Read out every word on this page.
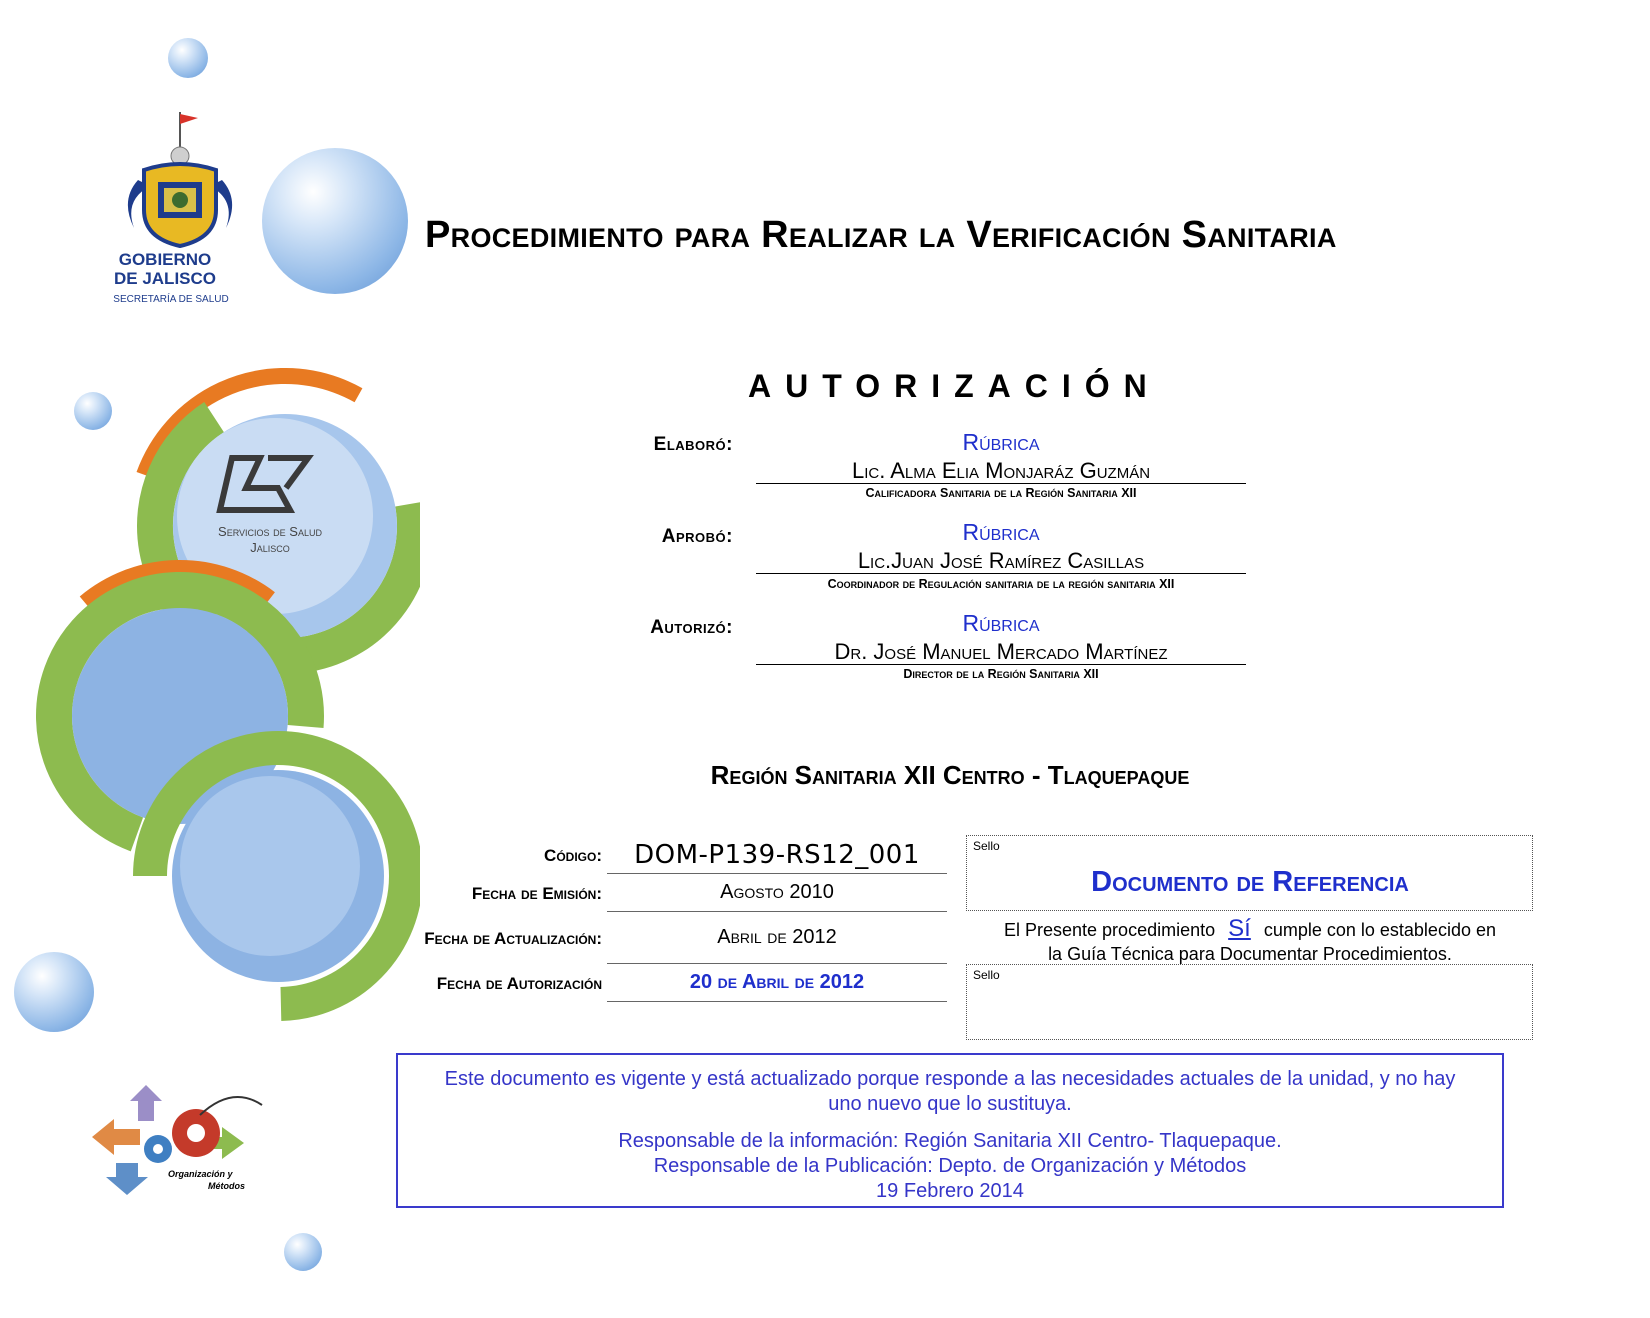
GOBIERNO
DE JALISCO
SECRETARÍA DE SALUD
Servicios de Salud
Jalisco
Organización y
Métodos
Procedimiento para Realizar la Verificación Sanitaria
AUTORIZACIÓN
Elaboró:	Rúbrica
Lic. Alma Elia Monjaráz Guzmán
Calificadora Sanitaria de la Región Sanitaria XII
Aprobó:	Rúbrica
Lic.Juan José Ramírez Casillas
Coordinador de Regulación sanitaria de la región sanitaria XII
Autorizó:	Rúbrica
Dr. José Manuel Mercado Martínez
Director de la Región Sanitaria XII
Región Sanitaria XII Centro - Tlaquepaque
Código:	DOM-P139-RS12_001
Fecha de Emisión:	Agosto 2010
Fecha de Actualización:	Abril de 2012
Fecha de Autorización	20 de Abril de 2012
Sello
Documento de Referencia
El Presente procedimiento Sí cumple con lo establecido en
la Guía Técnica para Documentar Procedimientos.
Sello

Este documento es vigente y está actualizado porque responde a las necesidades actuales de la unidad, y no hay

uno nuevo que lo sustituya.

Responsable de la información: Región Sanitaria XII Centro- Tlaquepaque.

Responsable de la Publicación: Depto. de Organización y Métodos

19 Febrero 2014
